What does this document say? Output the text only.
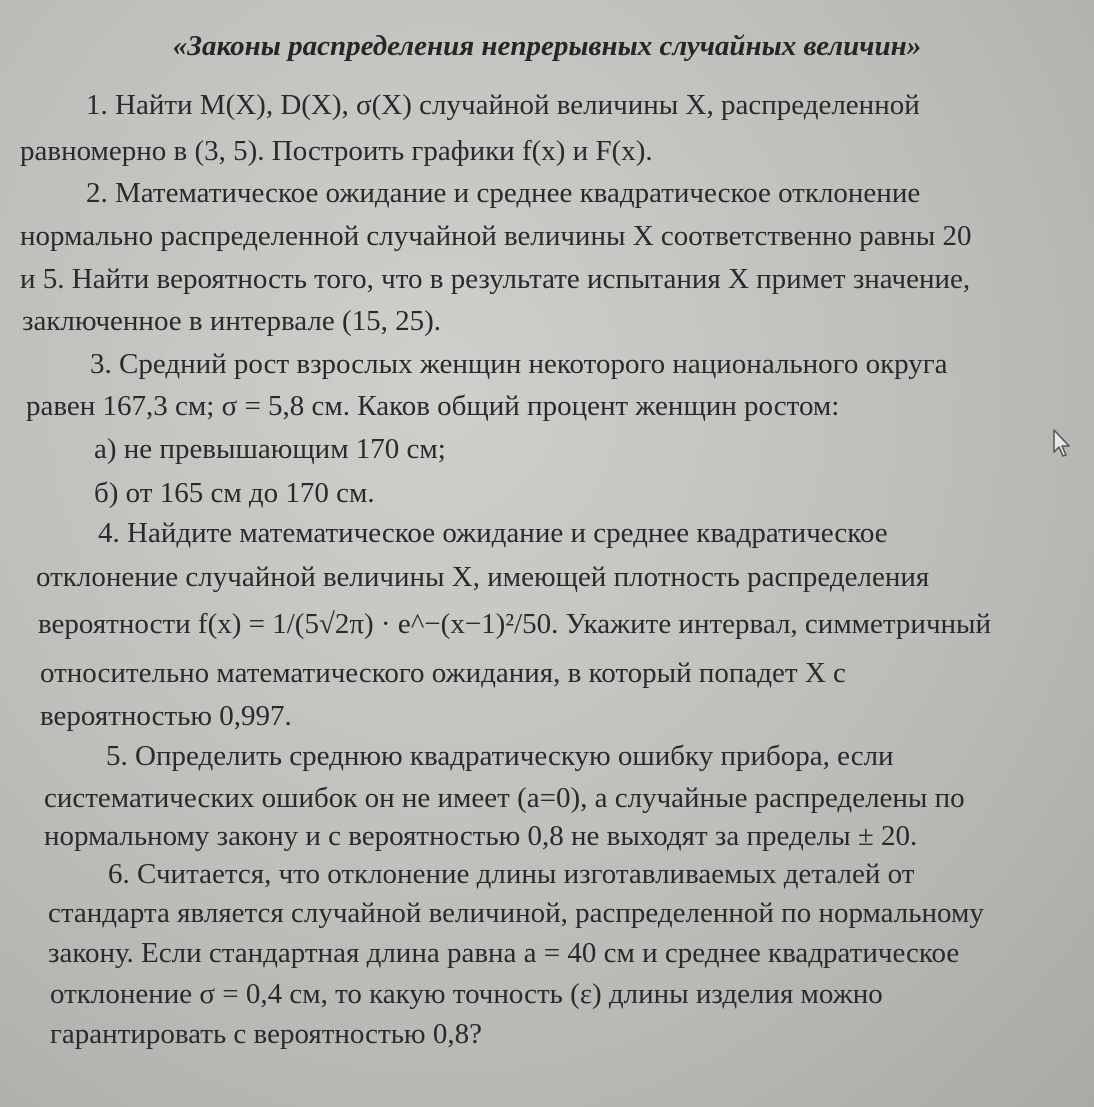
«Законы распределения непрерывных случайных величин»
1. Найти M(X), D(X), σ(X) случайной величины X, распределенной
равномерно в (3, 5). Построить графики f(x) и F(x).
2. Математическое ожидание и среднее квадратическое отклонение
нормально распределенной случайной величины X соответственно равны 20
и 5. Найти вероятность того, что в результате испытания X примет значение,
заключенное в интервале (15, 25).
3. Средний рост взрослых женщин некоторого национального округа
равен 167,3 см; σ = 5,8 см. Каков общий процент женщин ростом:
а) не превышающим 170 см;
б) от 165 см до 170 см.
4. Найдите математическое ожидание и среднее квадратическое
отклонение случайной величины X, имеющей плотность распределения
вероятности f(x) = 1/(5√2π) · e^−(x−1)²/50. Укажите интервал, симметричный
относительно математического ожидания, в который попадет X с
вероятностью 0,997.
5. Определить среднюю квадратическую ошибку прибора, если
систематических ошибок он не имеет (a=0), а случайные распределены по
нормальному закону и с вероятностью 0,8 не выходят за пределы ± 20.
6. Считается, что отклонение длины изготавливаемых деталей от
стандарта является случайной величиной, распределенной по нормальному
закону. Если стандартная длина равна a = 40 см и среднее квадратическое
отклонение σ = 0,4 см, то какую точность (ε) длины изделия можно
гарантировать с вероятностью 0,8?
